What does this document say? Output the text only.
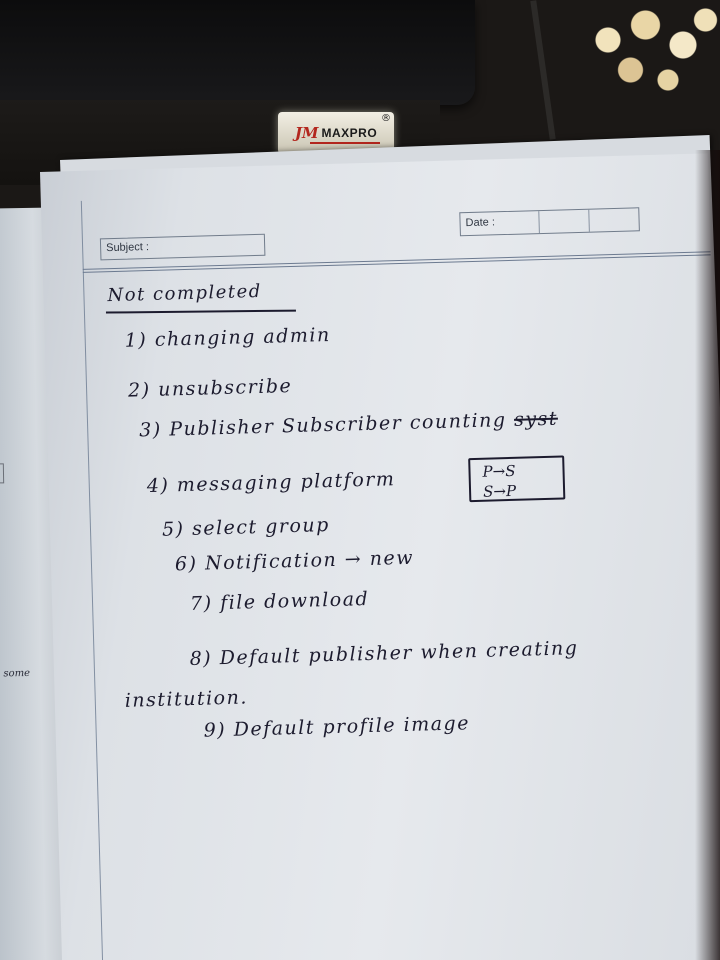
JM MAXPRO
®
some
Date :
Subject :
Not completed
1) changing admin
2) unsubscribe
3) Publisher Subscriber counting syst
4) messaging platform	P→S
S→P
5) select group
6) Notification → new
7) file download
8) Default publisher when creating
institution.
9) Default profile image
